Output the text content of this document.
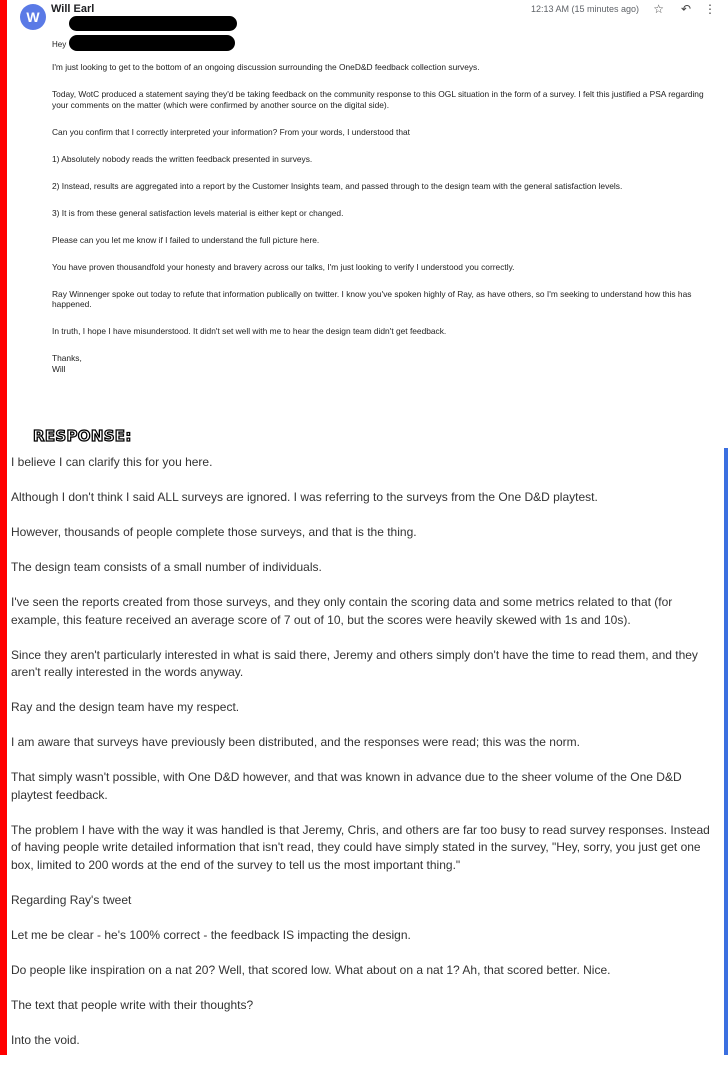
W	Will Earl	12:13 AM (15 minutes ago) ☆ ↶ ⋮
Hey

I'm just looking to get to the bottom of an ongoing discussion surrounding the OneD&D feedback collection surveys.

Today, WotC produced a statement saying they'd be taking feedback on the community response to this OGL situation in the form of a survey. I felt this justified a PSA regarding your comments on the matter (which were confirmed by another source on the digital side).

Can you confirm that I correctly interpreted your information? From your words, I understood that

1) Absolutely nobody reads the written feedback presented in surveys.

2) Instead, results are aggregated into a report by the Customer Insights team, and passed through to the design team with the general satisfaction levels.

3) It is from these general satisfaction levels material is either kept or changed.

Please can you let me know if I failed to understand the full picture here.

You have proven thousandfold your honesty and bravery across our talks, I'm just looking to verify I understood you correctly.

Ray Winnenger spoke out today to refute that information publically on twitter. I know you've spoken highly of Ray, as have others, so I'm seeking to understand how this has happened.

In truth, I hope I have misunderstood. It didn't set well with me to hear the design team didn't get feedback.

Thanks,

Will

RESPONSE:

I believe I can clarify this for you here.

Although I don't think I said ALL surveys are ignored. I was referring to the surveys from the One D&D playtest.

However, thousands of people complete those surveys, and that is the thing.

The design team consists of a small number of individuals.

I've seen the reports created from those surveys, and they only contain the scoring data and some metrics related to that (for example, this feature received an average score of 7 out of 10, but the scores were heavily skewed with 1s and 10s).

Since they aren't particularly interested in what is said there, Jeremy and others simply don't have the time to read them, and they aren't really interested in the words anyway.

Ray and the design team have my respect.

I am aware that surveys have previously been distributed, and the responses were read; this was the norm.

That simply wasn't possible, with One D&D however, and that was known in advance due to the sheer volume of the One D&D playtest feedback.

The problem I have with the way it was handled is that Jeremy, Chris, and others are far too busy to read survey responses. Instead of having people write detailed information that isn't read, they could have simply stated in the survey, "Hey, sorry, you just get one box, limited to 200 words at the end of the survey to tell us the most important thing."

Regarding Ray's tweet

Let me be clear - he's 100% correct - the feedback IS impacting the design.

Do people like inspiration on a nat 20? Well, that scored low. What about on a nat 1? Ah, that scored better. Nice.

The text that people write with their thoughts?

Into the void.
